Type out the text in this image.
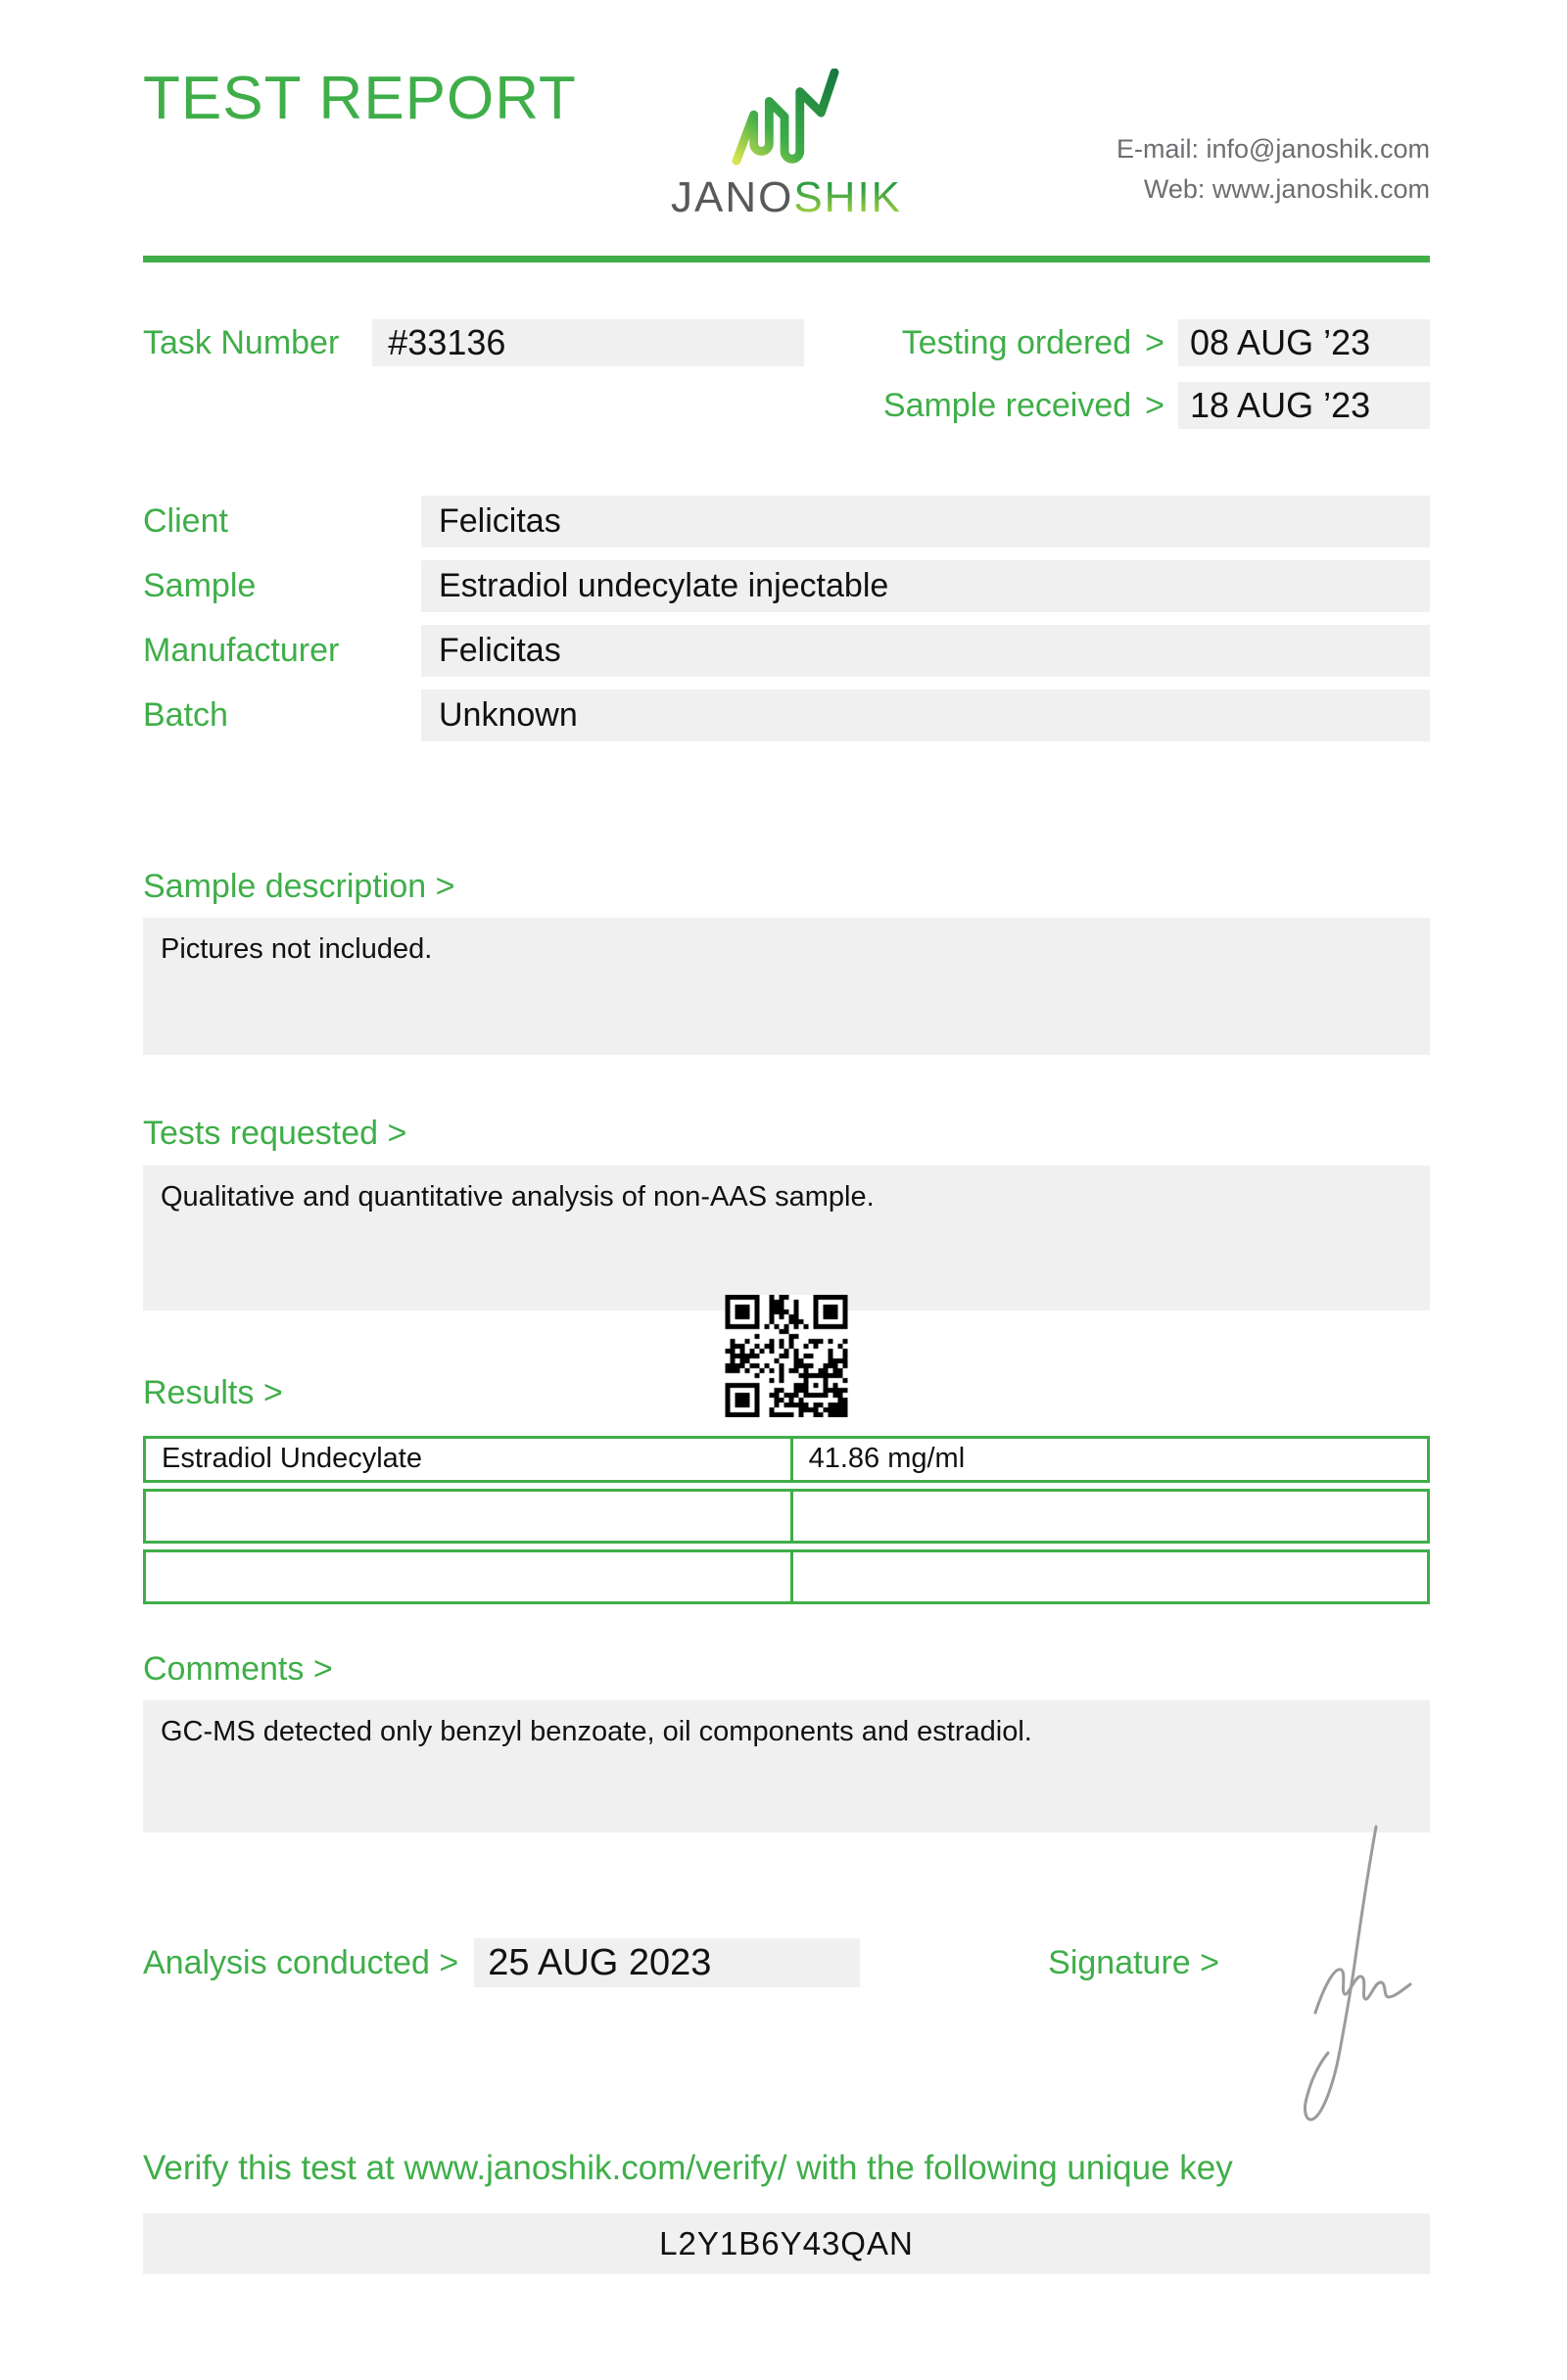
TEST REPORT
JANOSHIK
E-mail: info@janoshik.com
Web: www.janoshik.com
Task Number	#33136	Testing ordered > 08 AUG ’23
Sample received > 18 AUG ’23
Client	Felicitas
Sample	Estradiol undecylate injectable
Manufacturer	Felicitas
Batch	Unknown
Sample description >
Pictures not included.
Tests requested >
Qualitative and quantitative analysis of non-AAS sample.
Results >
Estradiol Undecylate	41.86 mg/ml
Comments >
GC-MS detected only benzyl benzoate, oil components and estradiol.
Analysis conducted > 25 AUG 2023	Signature >
Verify this test at www.janoshik.com/verify/ with the following unique key
L2Y1B6Y43QAN
